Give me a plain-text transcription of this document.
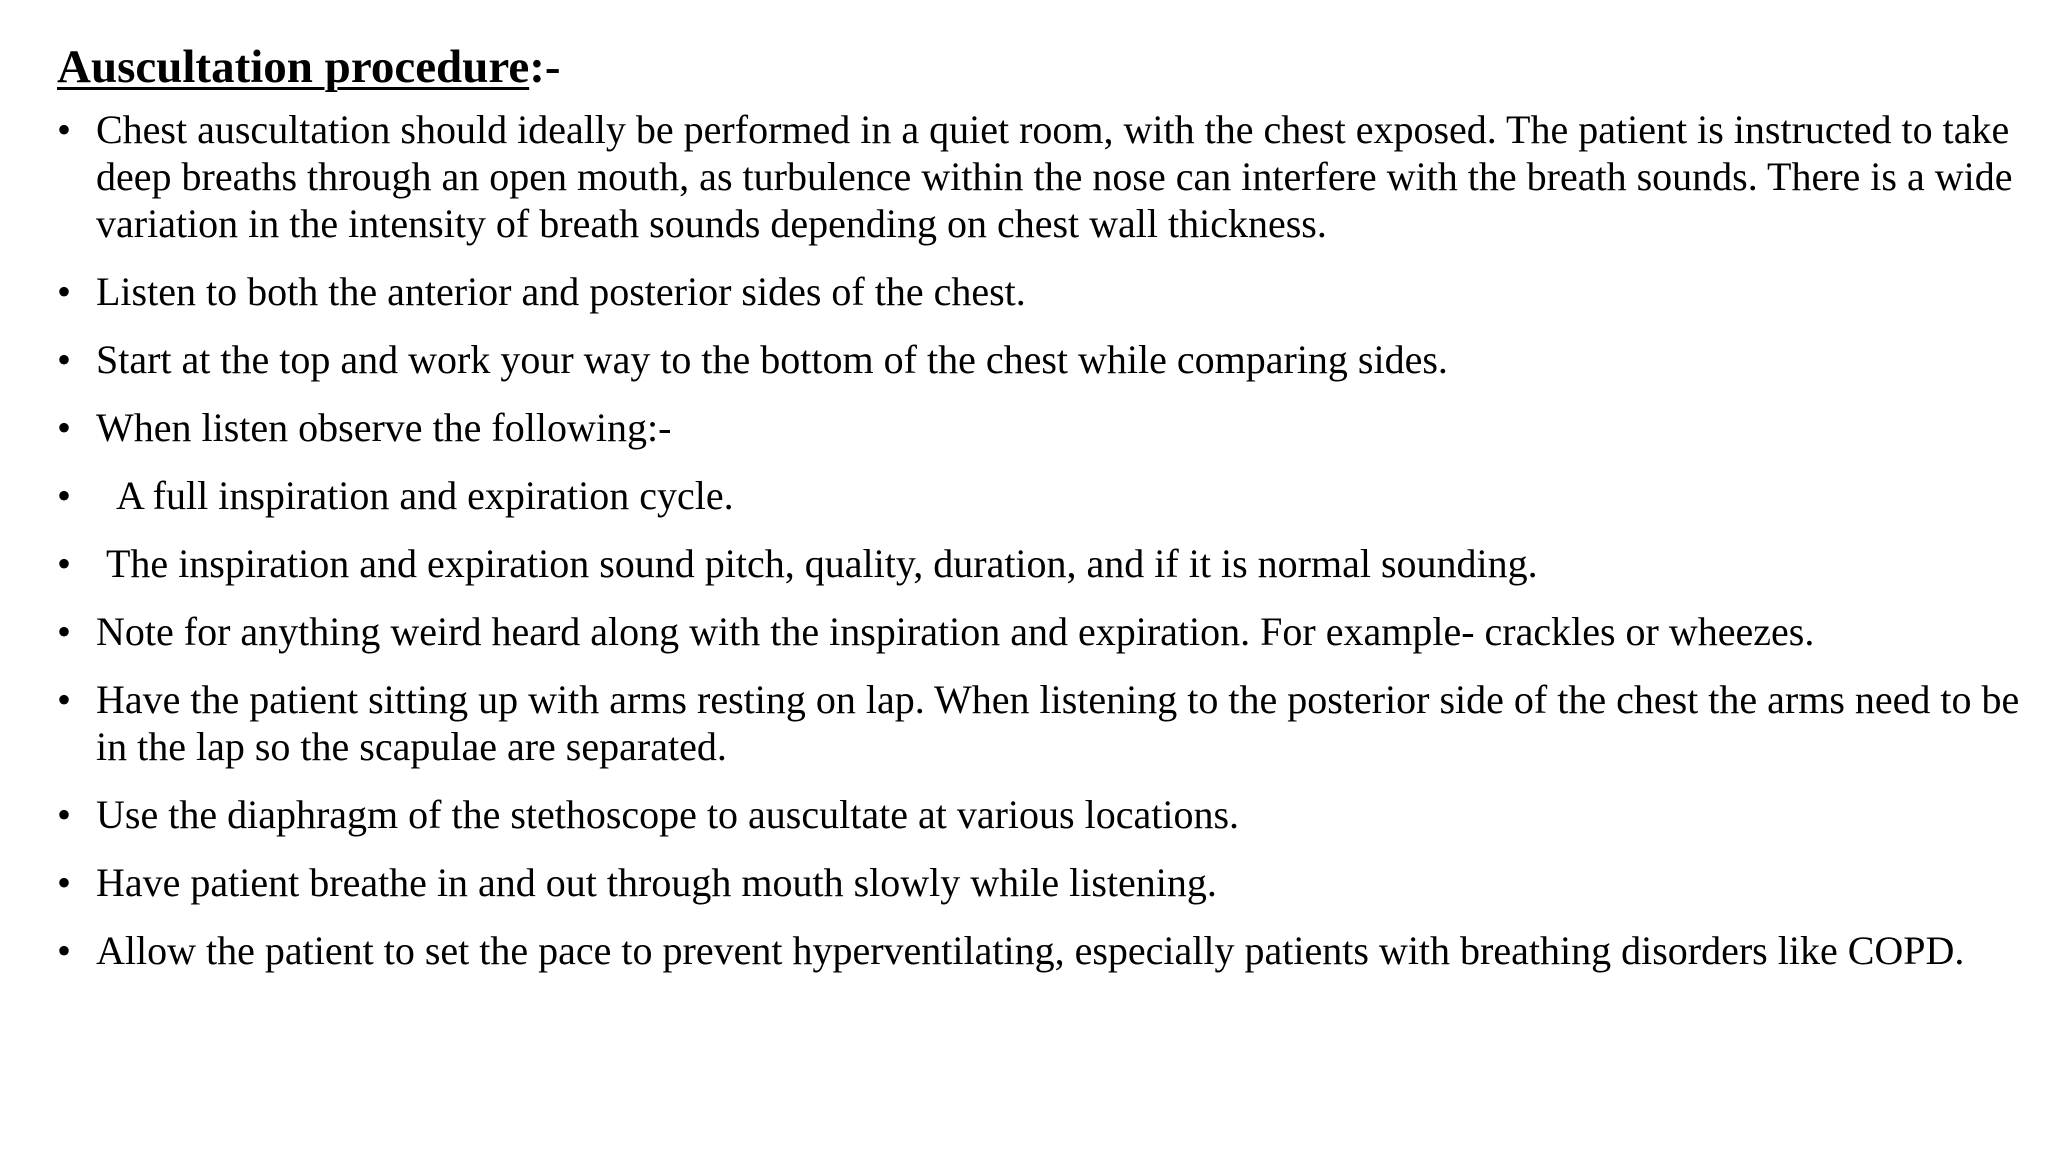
Auscultation procedure:-
• Chest auscultation should ideally be performed in a quiet room, with the chest exposed. The patient is instructed to take deep breaths through an open mouth, as turbulence within the nose can interfere with the breath sounds. There is a wide variation in the intensity of breath sounds depending on chest wall thickness.
• Listen to both the anterior and posterior sides of the chest.
• Start at the top and work your way to the bottom of the chest while comparing sides.
• When listen observe the following:-
• A full inspiration and expiration cycle.
• The inspiration and expiration sound pitch, quality, duration, and if it is normal sounding.
• Note for anything weird heard along with the inspiration and expiration. For example- crackles or wheezes.
• Have the patient sitting up with arms resting on lap. When listening to the posterior side of the chest the arms need to be in the lap so the scapulae are separated.
• Use the diaphragm of the stethoscope to auscultate at various locations.
• Have patient breathe in and out through mouth slowly while listening.
• Allow the patient to set the pace to prevent hyperventilating, especially patients with breathing disorders like COPD.
